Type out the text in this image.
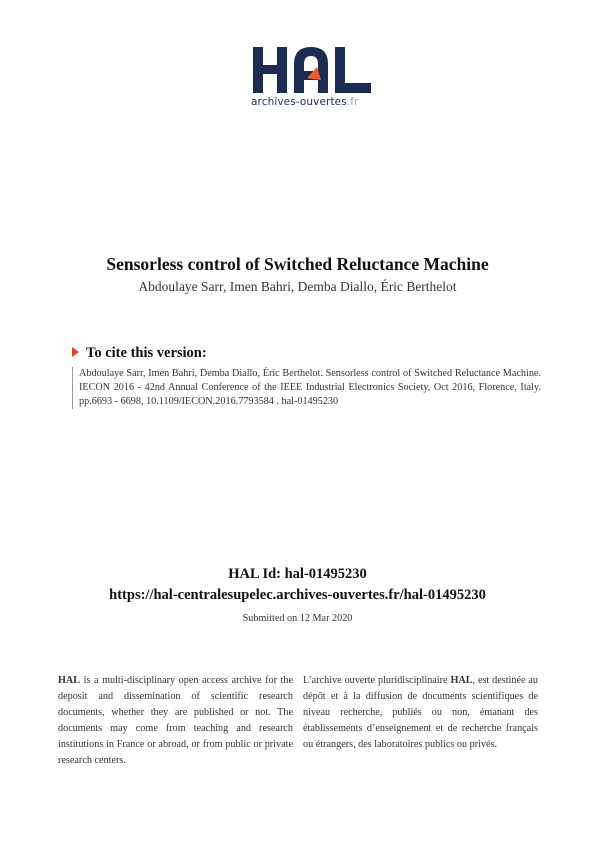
archives-ouvertes.fr
Sensorless control of Switched Reluctance Machine
Abdoulaye Sarr, Imen Bahri, Demba Diallo, Éric Berthelot
To cite this version:
Abdoulaye Sarr, Imen Bahri, Demba Diallo, Éric Berthelot. Sensorless control of Switched Reluctance Machine. IECON 2016 - 42nd Annual Conference of the IEEE Industrial Electronics Society, Oct 2016, Florence, Italy. pp.6693 - 6698, 10.1109/IECON.2016.7793584 . hal-01495230
HAL Id: hal-01495230
https://hal-centralesupelec.archives-ouvertes.fr/hal-01495230
Submitted on 12 Mar 2020
HAL is a multi-disciplinary open access archive for the deposit and dissemination of scientific research documents, whether they are published or not. The documents may come from teaching and research institutions in France or abroad, or from public or private research centers.
L’archive ouverte pluridisciplinaire HAL, est destinée au dépôt et à la diffusion de documents scientifiques de niveau recherche, publiés ou non, émanant des établissements d’enseignement et de recherche français ou étrangers, des laboratoires publics ou privés.
